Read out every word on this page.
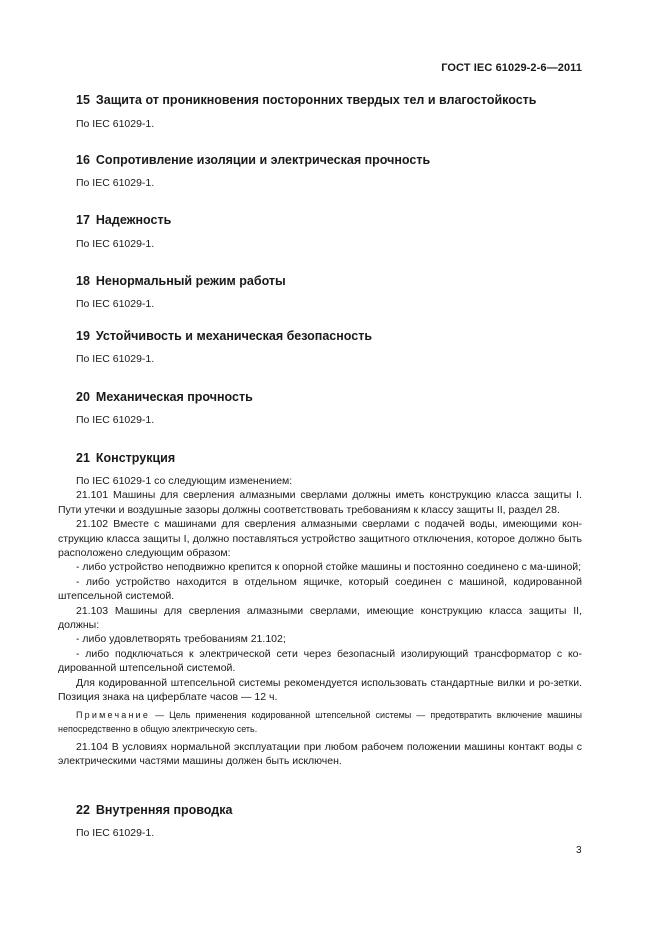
ГОСТ IEC 61029-2-6—2011
15 Защита от проникновения посторонних твердых тел и влагостойкость
По IEC 61029-1.
16 Сопротивление изоляции и электрическая прочность
По IEC 61029-1.
17 Надежность
По IEC 61029-1.
18 Ненормальный режим работы
По IEC 61029-1.
19 Устойчивость и механическая безопасность
По IEC 61029-1.
20 Механическая прочность
По IEC 61029-1.
21 Конструкция

По IEC 61029-1 со следующим изменением:

21.101 Машины для сверления алмазными сверлами должны иметь конструкцию класса защиты I. Пути утечки и воздушные зазоры должны соответствовать требованиям к классу защиты II, раздел 28.

21.102 Вместе с машинами для сверления алмазными сверлами с подачей воды, имеющими кон-струкцию класса защиты I, должно поставляться устройство защитного отключения, которое должно быть расположено следующим образом:

- либо устройство неподвижно крепится к опорной стойке машины и постоянно соединено с ма-шиной;

- либо устройство находится в отдельном ящичке, который соединен с машиной, кодированной штепсельной системой.

21.103 Машины для сверления алмазными сверлами, имеющие конструкцию класса защиты II, должны:

- либо удовлетворять требованиям 21.102;

- либо подключаться к электрической сети через безопасный изолирующий трансформатор с ко-дированной штепсельной системой.

Для кодированной штепсельной системы рекомендуется использовать стандартные вилки и ро-зетки. Позиция знака на циферблате часов — 12 ч.

Примечание — Цель применения кодированной штепсельной системы — предотвратить включение машины непосредственно в общую электрическую сеть.

21.104 В условиях нормальной эксплуатации при любом рабочем положении машины контакт воды с электрическими частями машины должен быть исключен.

22 Внутренняя проводка
По IEC 61029-1.
3
